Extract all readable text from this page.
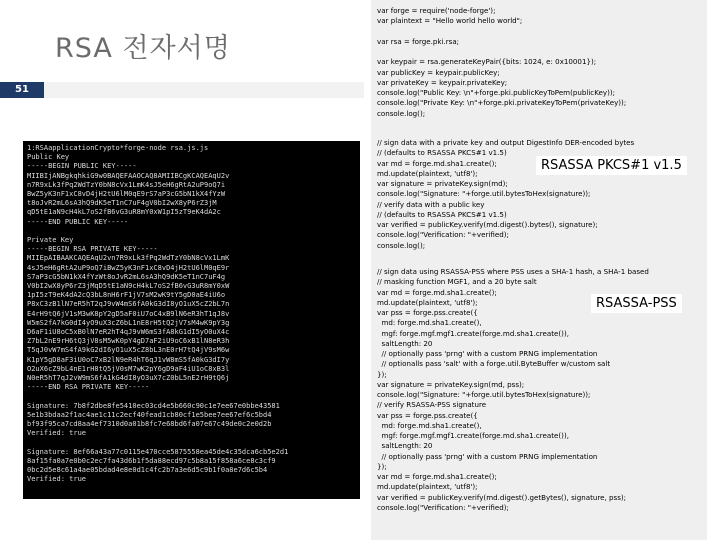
RSA 전자서명
51
1:RSAapplicationCrypto*forge-node rsa.js.js
Public Key
-----BEGIN PUBLIC KEY-----
MIIBIjANBgkqhkiG9w0BAQEFAAOCAQ8AMIIBCgKCAQEAqU2v
n7R9xLk3fPq2WdTzY0bN8cVx1LmK4sJ5eH6gRtA2uP9oQ7i
BwZ5yK3nF1xC8vD4jH2tU6lM0qE9rS7aP3cG5bN1kX4fYzW
t8oJvR2mL6sA3hQ9dK5eT1nC7uF4gV0bI2wX8yP6rZ3jM
qD5tE1aN9cH4kL7oS2fB6vG3uR8mY0xW1pI5zT9eK4dA2c
-----END PUBLIC KEY-----

Private Key
-----BEGIN RSA PRIVATE KEY-----
MIIEpAIBAAKCAQEAqU2vn7R9xLk3fPq2WdTzY0bN8cVx1LmK
4sJ5eH6gRtA2uP9oQ7iBwZ5yK3nF1xC8vD4jH2tU6lM0qE9r
S7aP3cG5bN1kX4fYzWt8oJvR2mL6sA3hQ9dK5eT1nC7uF4g
V0bI2wX8yP6rZ3jMqD5tE1aN9cH4kL7oS2fB6vG3uR8mY0xW
1pI5zT9eK4dA2cQ3bL8nH6rF1jV7sM2wK9tY5gD0aE4iU6o
P8xC3zB1lN7eR5hT2qJ9vW4mS6fA0kG3dI8yO1uX5cZ2bL7n
E4rH9tQ6jV1sM3wK8pY2gD5aF0iU7oC4xB9lN6eR3hT1qJ8v
W5mS2fA7kG0dI4yO9uX3cZ6bL1nE8rH5tQ2jV7sM4wK9pY3g
D6aF1iU8oC5xB0lN7eR2hT4qJ9vW6mS3fA8kG1dI5yO0uX4c
Z7bL2nE9rH6tQ3jV8sM5wK0pY4gD7aF2iU9oC6xB1lN8eR3h
T5qJ0vW7mS4fA9kG2dI6yO1uX5cZ8bL3nE0rH7tQ4jV9sM6w
K1pY5gD8aF3iU0oC7xB2lN9eR4hT6qJ1vW8mS5fA0kG3dI7y
O2uX6cZ9bL4nE1rH8tQ5jV0sM7wK2pY6gD9aF4iU1oC8xB3l
N0eR5hT7qJ2vW9mS6fA1kG4dI8yO3uX7cZ0bL5nE2rH9tQ6j
-----END RSA PRIVATE KEY-----

Signature: 7b8f2dbe8fe5410ec03cd4e5b660c90c1e7ee67e0bbe43581
5e1b3bdaa2f1ac4ae1c11c2ecf40fead1cb80cf1e5bee7ee67ef6c5bd4
bf93f95ca7cd8aa4ef7310d0a01b8fc7e68bd6fa07e67c49de0c2e0d2b
Verified: true

Signature: 8ef66a43a77c0115e470cce5875558ea45de4c35dca6cb5e2d1
8af15fa0a7e0b0c2ec7fa43d6b1f5da88ecd97c5b8a15f858a6ce8c3cf9
0bc2d5e8c61a4ae05bdad4e8e0d1c4fc2b7a3e6d5c9b1f0a8e7d6c5b4
Verified: true
var forge = require('node-forge');
var plaintext = "Hello world hello world";

var rsa = forge.pki.rsa;

var keypair = rsa.generateKeyPair({bits: 1024, e: 0x10001});
var publicKey = keypair.publicKey;
var privateKey = keypair.privateKey;
console.log("Public Key: \n"+forge.pki.publicKeyToPem(publicKey));
console.log("Private Key: \n"+forge.pki.privateKeyToPem(privateKey));
console.log();
// sign data with a private key and output DigestInfo DER-encoded bytes
// (defaults to RSASSA PKCS#1 v1.5)
var md = forge.md.sha1.create();
md.update(plaintext, 'utf8');
var signature = privateKey.sign(md);
console.log("Signature: "+forge.util.bytesToHex(signature));
// verify data with a public key
// (defaults to RSASSA PKCS#1 v1.5)
var verified = publicKey.verify(md.digest().bytes(), signature);
console.log("Verification: "+verified);
console.log();
// sign data using RSASSA-PSS where PSS uses a SHA-1 hash, a SHA-1 based
// masking function MGF1, and a 20 byte salt
var md = forge.md.sha1.create();
md.update(plaintext, 'utf8');
var pss = forge.pss.create({
md: forge.md.sha1.create(),
mgf: forge.mgf.mgf1.create(forge.md.sha1.create()),
saltLength: 20
// optionally pass 'prng' with a custom PRNG implementation
// optionalls pass 'salt' with a forge.util.ByteBuffer w/custom salt
});
var signature = privateKey.sign(md, pss);
console.log("Signature: "+forge.util.bytesToHex(signature));
// verify RSASSA-PSS signature
var pss = forge.pss.create({
md: forge.md.sha1.create(),
mgf: forge.mgf.mgf1.create(forge.md.sha1.create()),
saltLength: 20
// optionally pass 'prng' with a custom PRNG implementation
});
var md = forge.md.sha1.create();
md.update(plaintext, 'utf8');
var verified = publicKey.verify(md.digest().getBytes(), signature, pss);
console.log("Verification: "+verified);
RSASSA PKCS#1 v1.5
RSASSA-PSS
